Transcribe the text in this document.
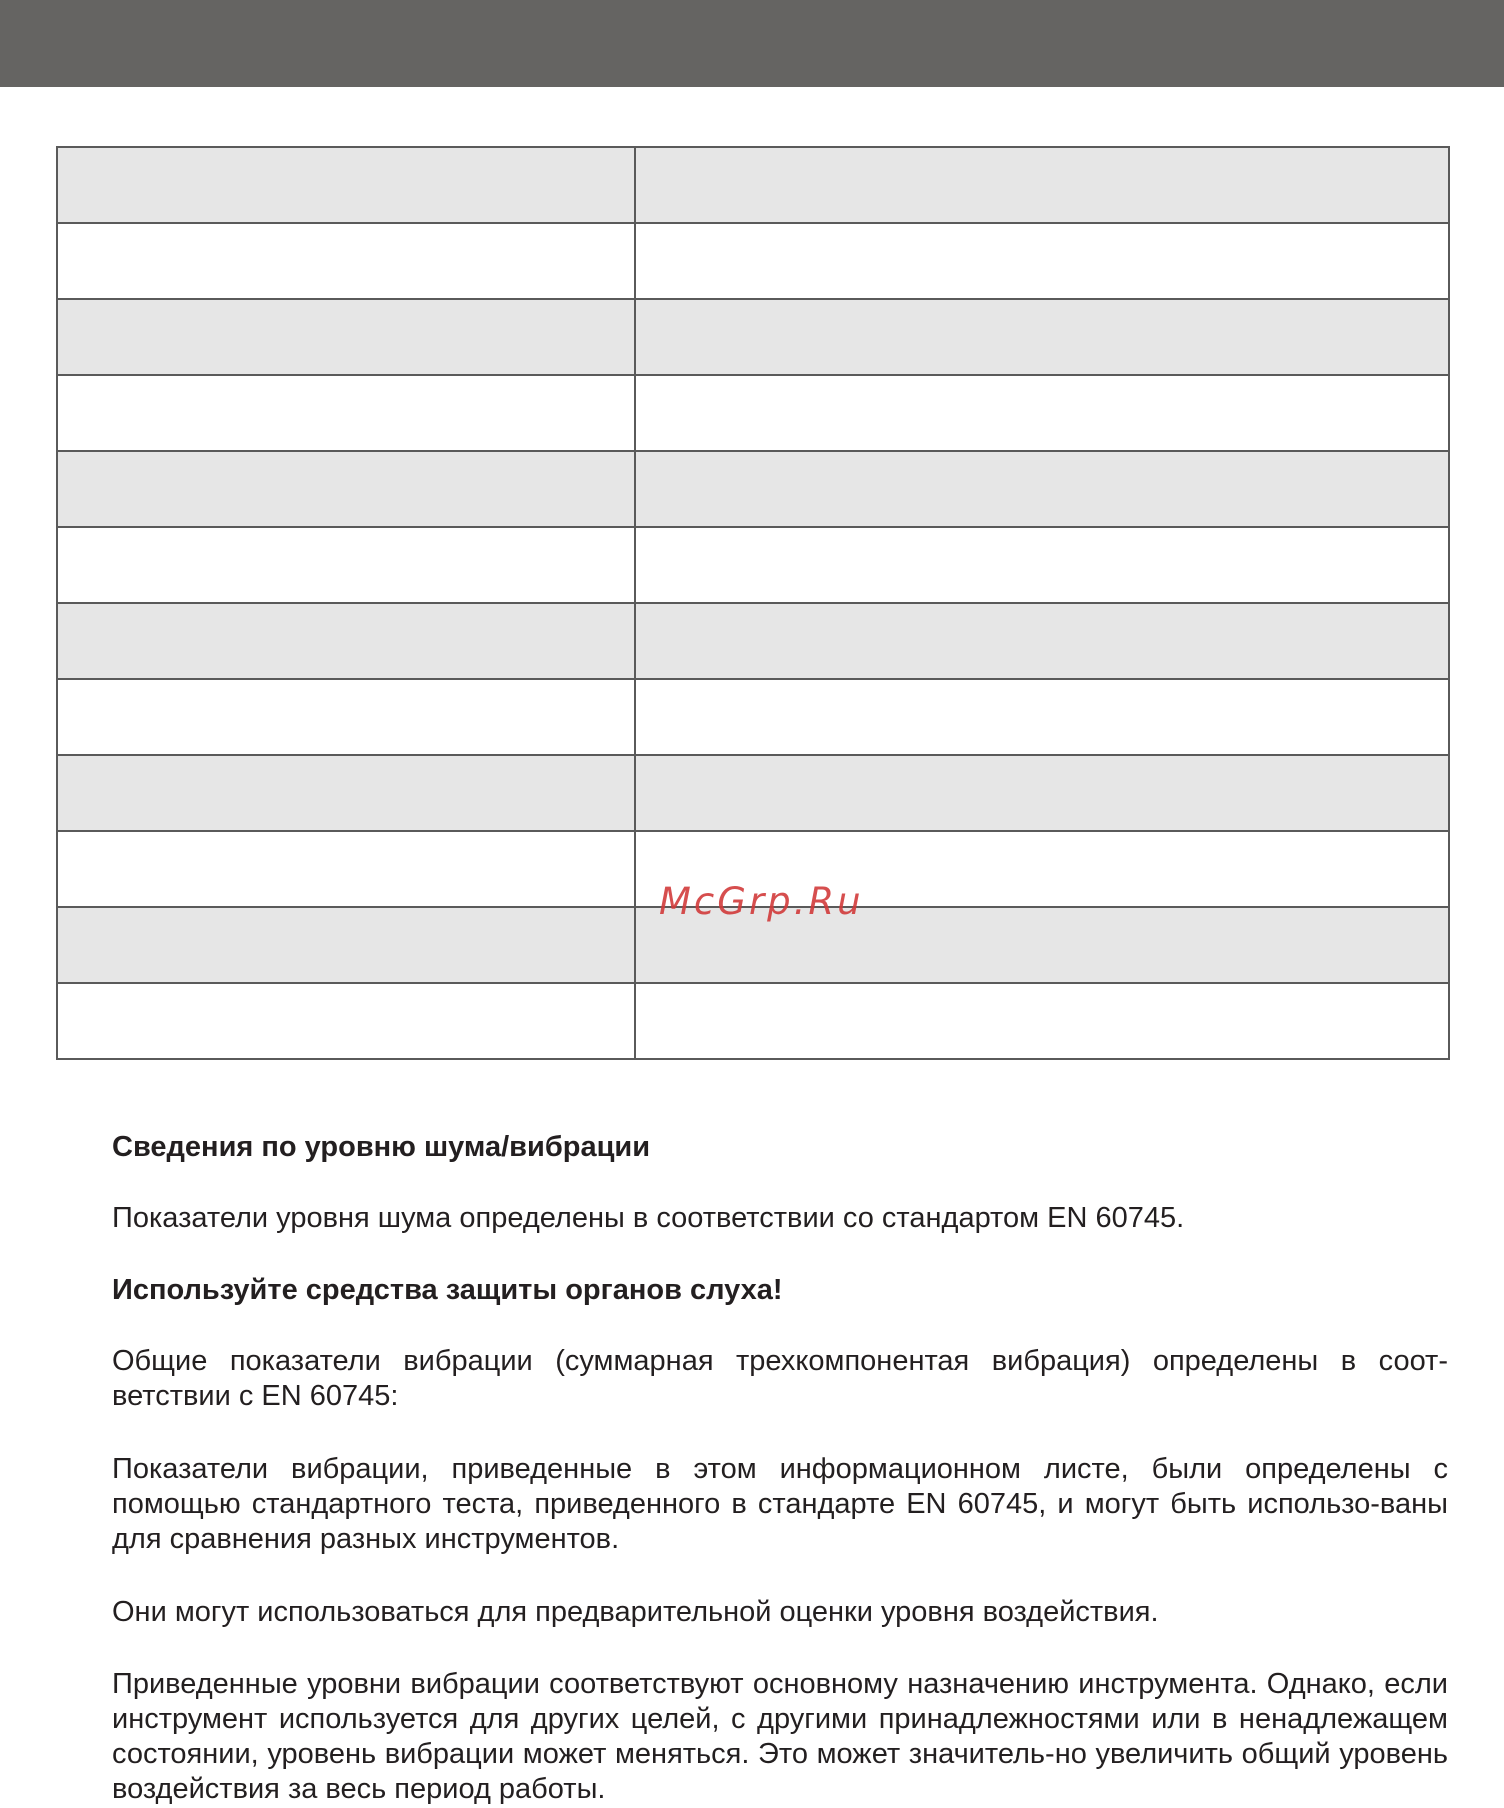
McGrp.Ru

Сведения по уровню шума/вибрации

Показатели уровня шума определены в соответствии со стандартом EN 60745.

Используйте средства защиты органов слуха!

Общие показатели вибрации (суммарная трехкомпонентая вибрация) определены в соот-ветствии с EN 60745:

Показатели вибрации, приведенные в этом информационном листе, были определены с помощью стандартного теста, приведенного в стандарте EN 60745, и могут быть использо-ваны для сравнения разных инструментов.

Они могут использоваться для предварительной оценки уровня воздействия.

Приведенные уровни вибрации соответствуют основному назначению инструмента. Однако, если инструмент используется для других целей, с другими принадлежностями или в ненадлежащем состоянии, уровень вибрации может меняться. Это может значитель-но увеличить общий уровень воздействия за весь период работы.
